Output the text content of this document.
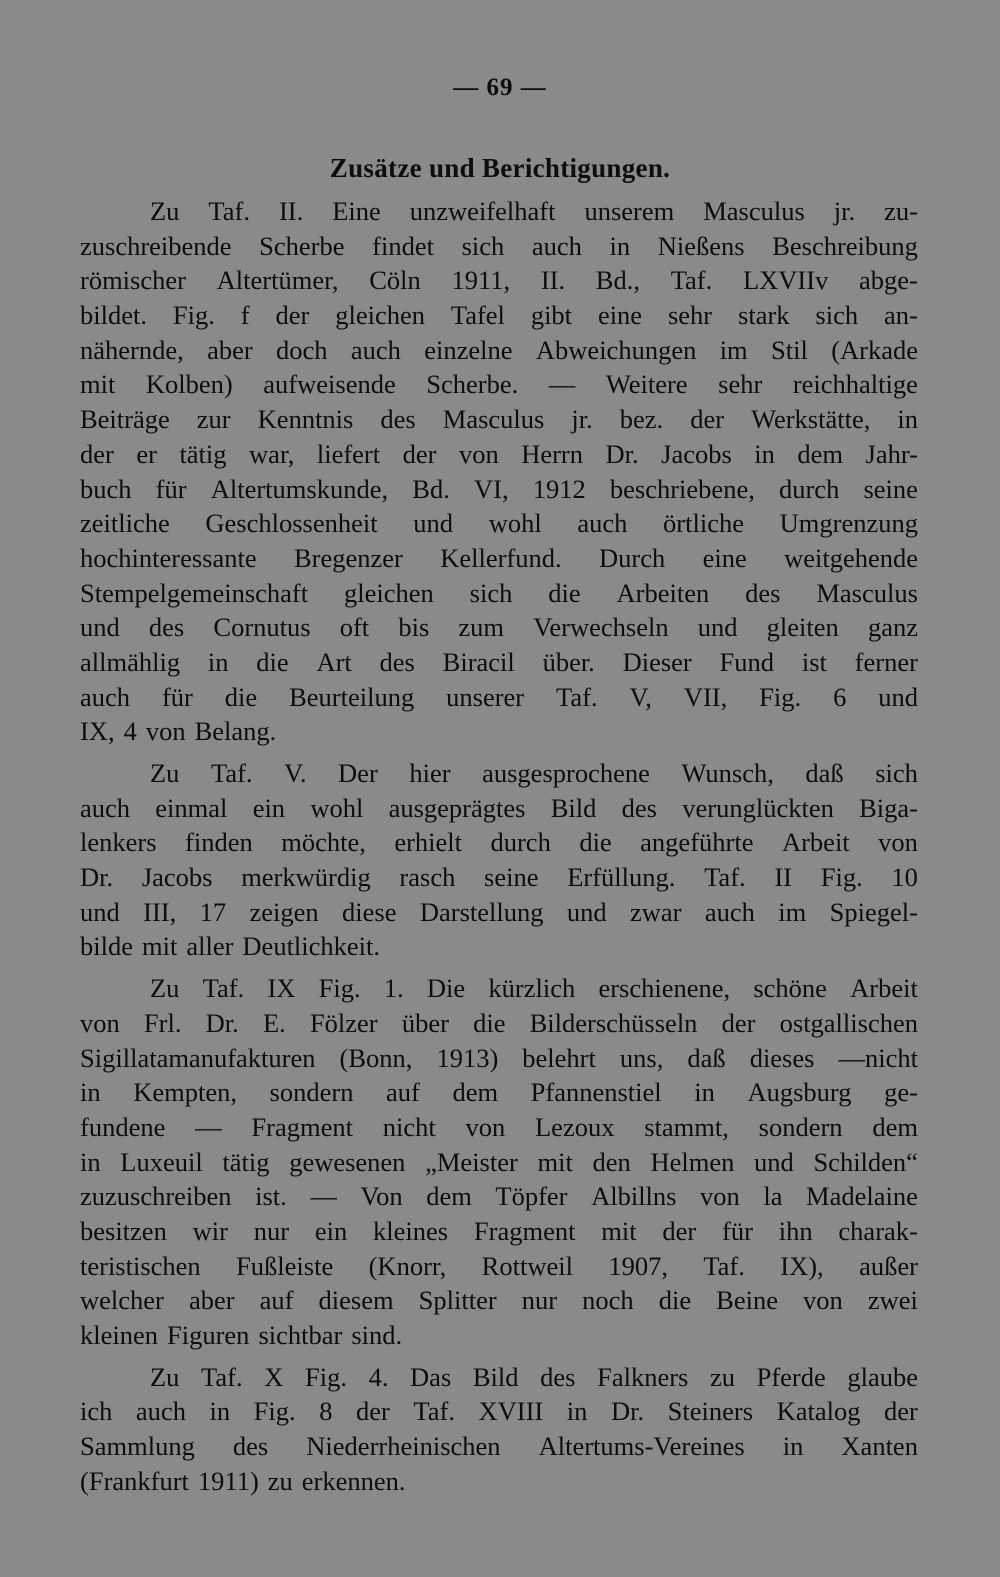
— 69 —
Zusätze und Berichtigungen.
Zu Taf. II. Eine unzweifelhaft unserem Masculus jr. zu-
zuschreibende Scherbe findet sich auch in Nießens Beschreibung
römischer Altertümer, Cöln 1911, II. Bd., Taf. LXVIIv abge-
bildet. Fig. f der gleichen Tafel gibt eine sehr stark sich an-
nähernde, aber doch auch einzelne Abweichungen im Stil (Arkade
mit Kolben) aufweisende Scherbe. — Weitere sehr reichhaltige
Beiträge zur Kenntnis des Masculus jr. bez. der Werkstätte, in
der er tätig war, liefert der von Herrn Dr. Jacobs in dem Jahr-
buch für Altertumskunde, Bd. VI, 1912 beschriebene, durch seine
zeitliche Geschlossenheit und wohl auch örtliche Umgrenzung
hochinteressante Bregenzer Kellerfund. Durch eine weitgehende
Stempelgemeinschaft gleichen sich die Arbeiten des Masculus
und des Cornutus oft bis zum Verwechseln und gleiten ganz
allmählig in die Art des Biracil über. Dieser Fund ist ferner
auch für die Beurteilung unserer Taf. V, VII, Fig. 6 und
IX, 4 von Belang.
Zu Taf. V. Der hier ausgesprochene Wunsch, daß sich
auch einmal ein wohl ausgeprägtes Bild des verunglückten Biga-
lenkers finden möchte, erhielt durch die angeführte Arbeit von
Dr. Jacobs merkwürdig rasch seine Erfüllung. Taf. II Fig. 10
und III, 17 zeigen diese Darstellung und zwar auch im Spiegel-
bilde mit aller Deutlichkeit.
Zu Taf. IX Fig. 1. Die kürzlich erschienene, schöne Arbeit
von Frl. Dr. E. Fölzer über die Bilderschüsseln der ostgallischen
Sigillatamanufakturen (Bonn, 1913) belehrt uns, daß dieses —nicht
in Kempten, sondern auf dem Pfannenstiel in Augsburg ge-
fundene — Fragment nicht von Lezoux stammt, sondern dem
in Luxeuil tätig gewesenen „Meister mit den Helmen und Schilden“
zuzuschreiben ist. — Von dem Töpfer Albillns von la Madelaine
besitzen wir nur ein kleines Fragment mit der für ihn charak-
teristischen Fußleiste (Knorr, Rottweil 1907, Taf. IX), außer
welcher aber auf diesem Splitter nur noch die Beine von zwei
kleinen Figuren sichtbar sind.
Zu Taf. X Fig. 4. Das Bild des Falkners zu Pferde glaube
ich auch in Fig. 8 der Taf. XVIII in Dr. Steiners Katalog der
Sammlung des Niederrheinischen Altertums-Vereines in Xanten
(Frankfurt 1911) zu erkennen.
